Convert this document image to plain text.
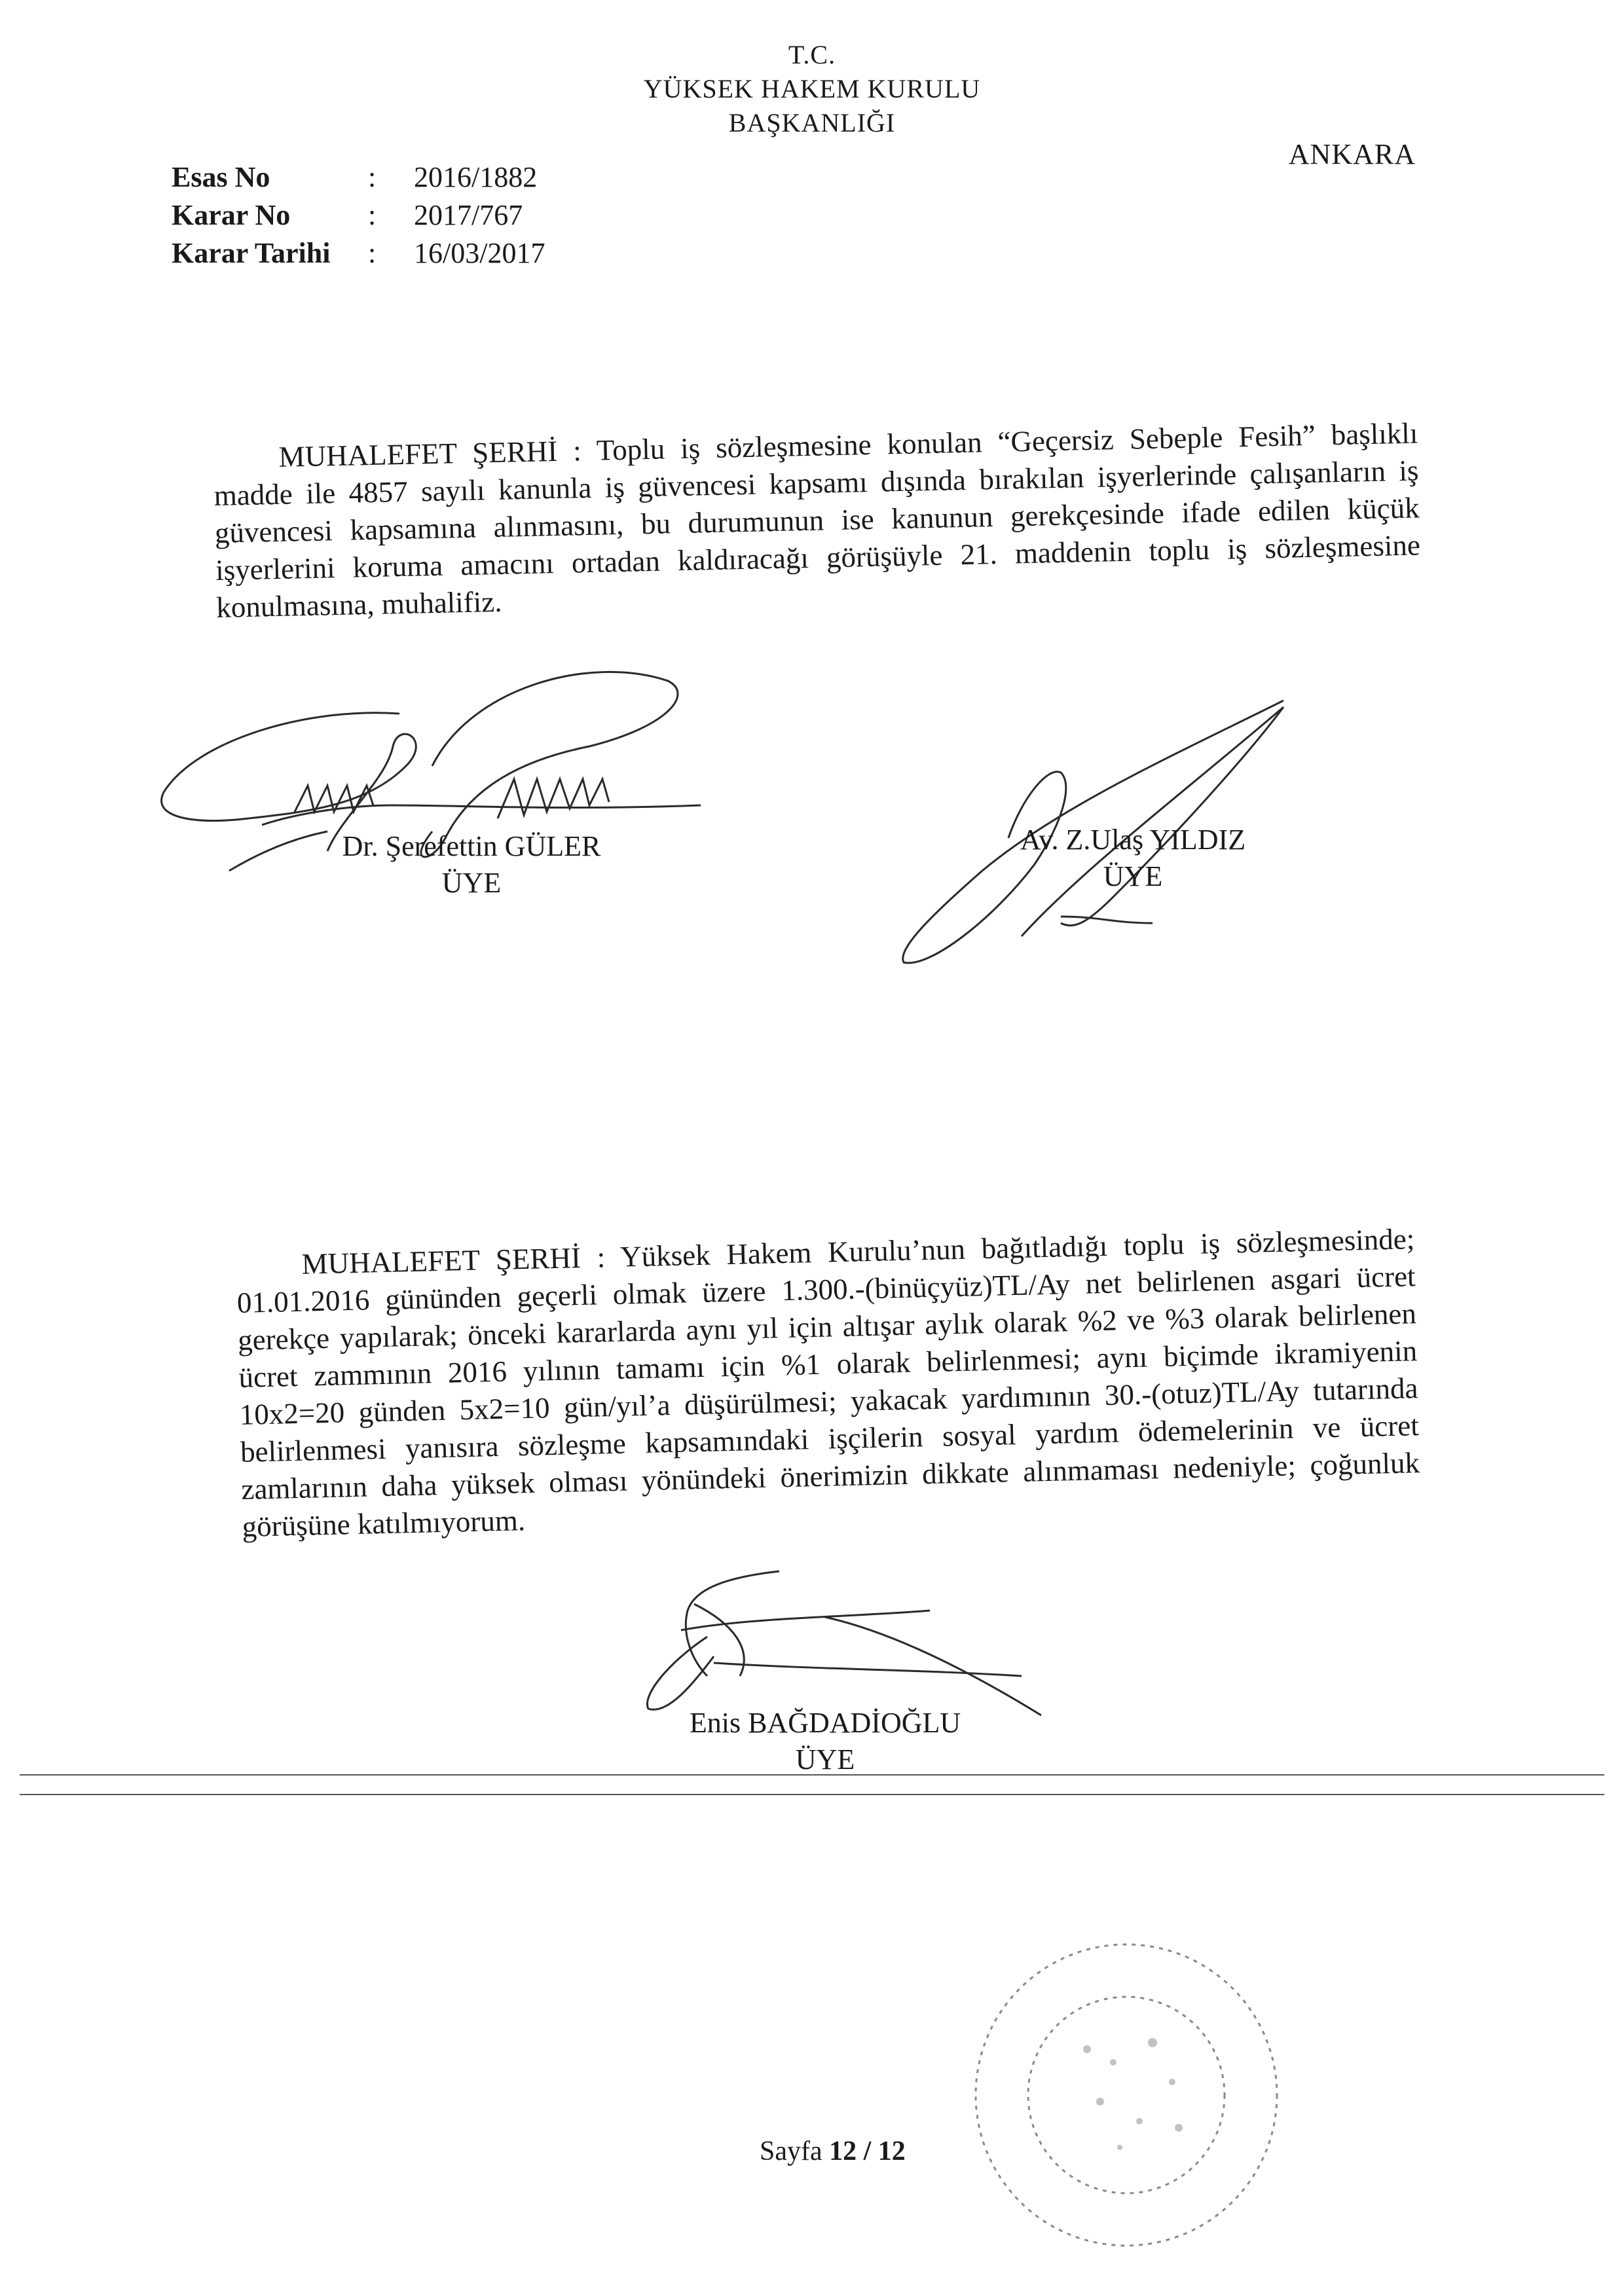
T.C.
YÜKSEK HAKEM KURULU
BAŞKANLIĞI
ANKARA
Esas No	:	2016/1882
Karar No	:	2017/767
Karar Tarihi	:	16/03/2017
MUHALEFET ŞERHİ : Toplu iş sözleşmesine konulan “Geçersiz Sebeple Fesih” başlıklı madde ile 4857 sayılı kanunla iş güvencesi kapsamı dışında bırakılan işyerlerinde çalışanların iş güvencesi kapsamına alınmasını, bu durumunun ise kanunun gerekçesinde ifade edilen küçük işyerlerini koruma amacını ortadan kaldıracağı görüşüyle 21. maddenin toplu iş sözleşmesine konulmasına, muhalifiz.
Dr. Şerefettin GÜLER
ÜYE
Av. Z.Ulaş YILDIZ
ÜYE
MUHALEFET ŞERHİ : Yüksek Hakem Kurulu’nun bağıtladığı toplu iş sözleşmesinde; 01.01.2016 gününden geçerli olmak üzere 1.300.-(binüçyüz)TL/Ay net belirlenen asgari ücret gerekçe yapılarak; önceki kararlarda aynı yıl için altışar aylık olarak %2 ve %3 olarak belirlenen ücret zammının 2016 yılının tamamı için %1 olarak belirlenmesi; aynı biçimde ikramiyenin 10x2=20 günden 5x2=10 gün/yıl’a düşürülmesi; yakacak yardımının 30.-(otuz)TL/Ay tutarında belirlenmesi yanısıra sözleşme kapsamındaki işçilerin sosyal yardım ödemelerinin ve ücret zamlarının daha yüksek olması yönündeki önerimizin dikkate alınmaması nedeniyle; çoğunluk görüşüne katılmıyorum.
Enis BAĞDADİOĞLU
ÜYE
Sayfa 12 / 12
